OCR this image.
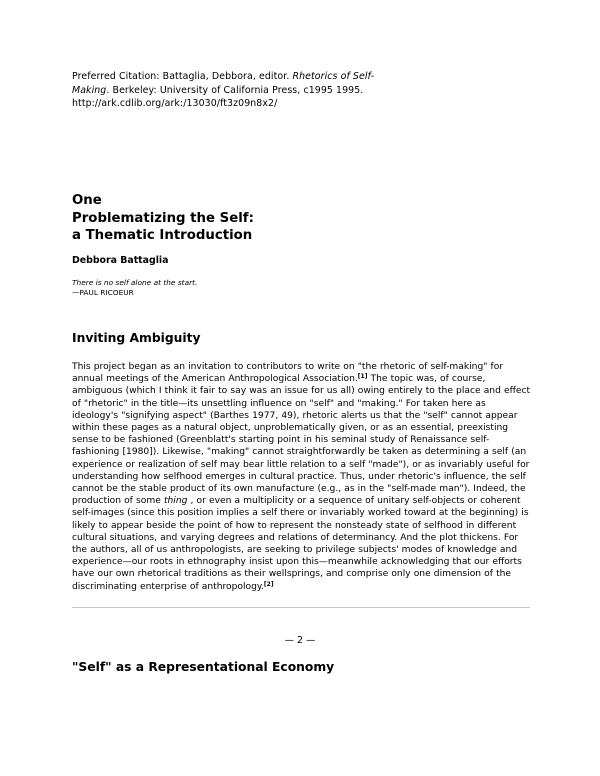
Preferred Citation: Battaglia, Debbora, editor. Rhetorics of Self-Making. Berkeley: University of California Press, c1995 1995.
http://ark.cdlib.org/ark:/13030/ft3z09n8x2/
One
Problematizing the Self:
a Thematic Introduction
Debbora Battaglia
There is no self alone at the start.
—PAUL RICOEUR
Inviting Ambiguity
This project began as an invitation to contributors to write on "the rhetoric of self-making" for annual meetings of the American Anthropological Association.[1] The topic was, of course, ambiguous (which I think it fair to say was an issue for us all) owing entirely to the place and effect of "rhetoric" in the title—its unsettling influence on "self" and "making." For taken here as ideology's "signifying aspect" (Barthes 1977, 49), rhetoric alerts us that the "self" cannot appear within these pages as a natural object, unproblematically given, or as an essential, preexisting sense to be fashioned (Greenblatt's starting point in his seminal study of Renaissance self-fashioning [1980]). Likewise, "making" cannot straightforwardly be taken as determining a self (an experience or realization of self may bear little relation to a self "made"), or as invariably useful for understanding how selfhood emerges in cultural practice. Thus, under rhetoric's influence, the self cannot be the stable product of its own manufacture (e.g., as in the "self-made man"). Indeed, the production of some thing , or even a multiplicity or a sequence of unitary self-objects or coherent self-images (since this position implies a self there or invariably worked toward at the beginning) is likely to appear beside the point of how to represent the nonsteady state of selfhood in different cultural situations, and varying degrees and relations of determinancy. And the plot thickens. For the authors, all of us anthropologists, are seeking to privilege subjects' modes of knowledge and experience—our roots in ethnography insist upon this—meanwhile acknowledging that our efforts have our own rhetorical traditions as their wellsprings, and comprise only one dimension of the discriminating enterprise of anthropology.[2]
— 2 —
"Self" as a Representational Economy
